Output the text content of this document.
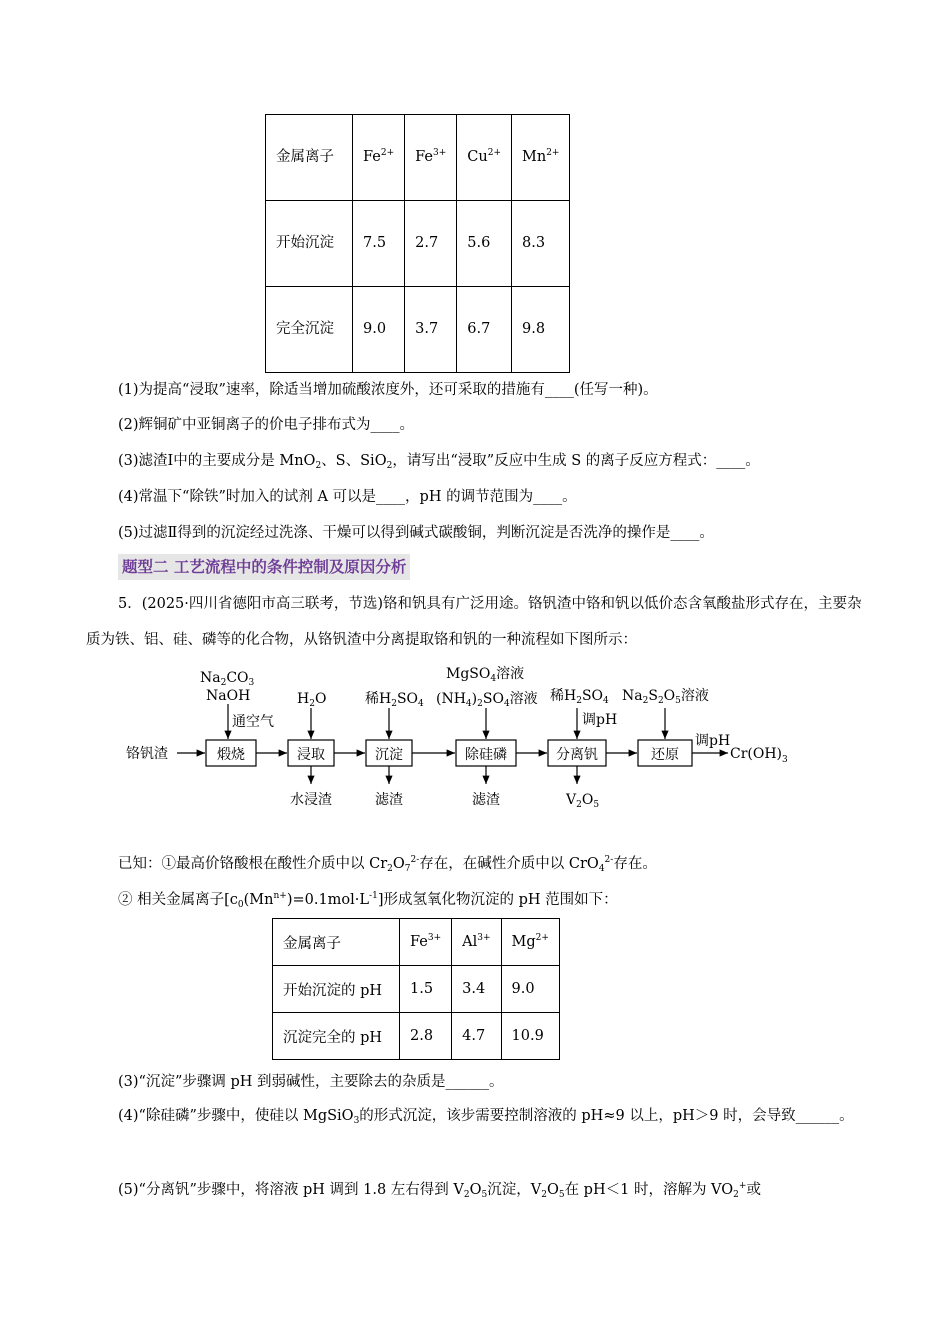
金属离子	$Fe^{2+}$	$Fe^{3+}$	$Cu^{2+}$	$Mn^{2+}$
开始沉淀	7.5	2.7	5.6	8.3
完全沉淀	9.0	3.7	6.7	9.8
(1)为提高“浸取”速率，除适当增加硫酸浓度外，还可采取的措施有____(任写一种)。
(2)辉铜矿中亚铜离子的价电子排布式为____。
(3)滤渣Ⅰ中的主要成分是 MnO$_2$、S、SiO$_2$，请写出“浸取”反应中生成 S 的离子反应方程式：____。
(4)常温下“除铁”时加入的试剂 A 可以是____，pH 的调节范围为____。
(5)过滤Ⅱ得到的沉淀经过洗涤、干燥可以得到碱式碳酸铜，判断沉淀是否洗净的操作是____。
题型二 工艺流程中的条件控制及原因分析
5．(2025·四川省德阳市高三联考，节选)铬和钒具有广泛用途。铬钒渣中铬和钒以低价态含氧酸盐形式存在，主要杂质为铁、铝、硅、磷等的化合物，从铬钒渣中分离提取铬和钒的一种流程如下图所示：
煅烧	浸取	沉淀	除硅磷	分离钒	还原
铬钒渣
调pH
$Cr(OH)_3$
$Na_2CO_3$
NaOH
通空气
$H_2O$	稀$H_2SO_4$
MgSO$_4$溶液
$(NH_4)_2SO_4$溶液 稀$H_2SO_4$
调pH
$Na_2S_2O_5$溶液
水浸渣	滤渣	滤渣	$V_2O_5$
已知：①最高价铬酸根在酸性介质中以 $Cr_2O_7^{2-}$存在，在碱性介质中以 CrO$_4^{2-}$存在。
② 相关金属离子$[c_0(Mn^{n+})=0.1mol\cdot L^{-1}]$形成氢氧化物沉淀的 pH 范围如下：
金属离子	$Fe^{3+}$	$Al^{3+}$	$Mg^{2+}$
开始沉淀的 pH	1.5	3.4	9.0
沉淀完全的 pH	2.8	4.7	10.9
(3)“沉淀”步骤调 pH 到弱碱性，主要除去的杂质是______。
(4)“除硅磷”步骤中，使硅以 MgSiO$_3$的形式沉淀，该步需要控制溶液的 pH≈9 以上，pH＞9 时，会导致______。
(5)“分离钒”步骤中，将溶液 pH 调到 1.8 左右得到 $V_2O_5$沉淀，$V_2O_5$在 pH＜1 时，溶解为 $VO_2^+$或
